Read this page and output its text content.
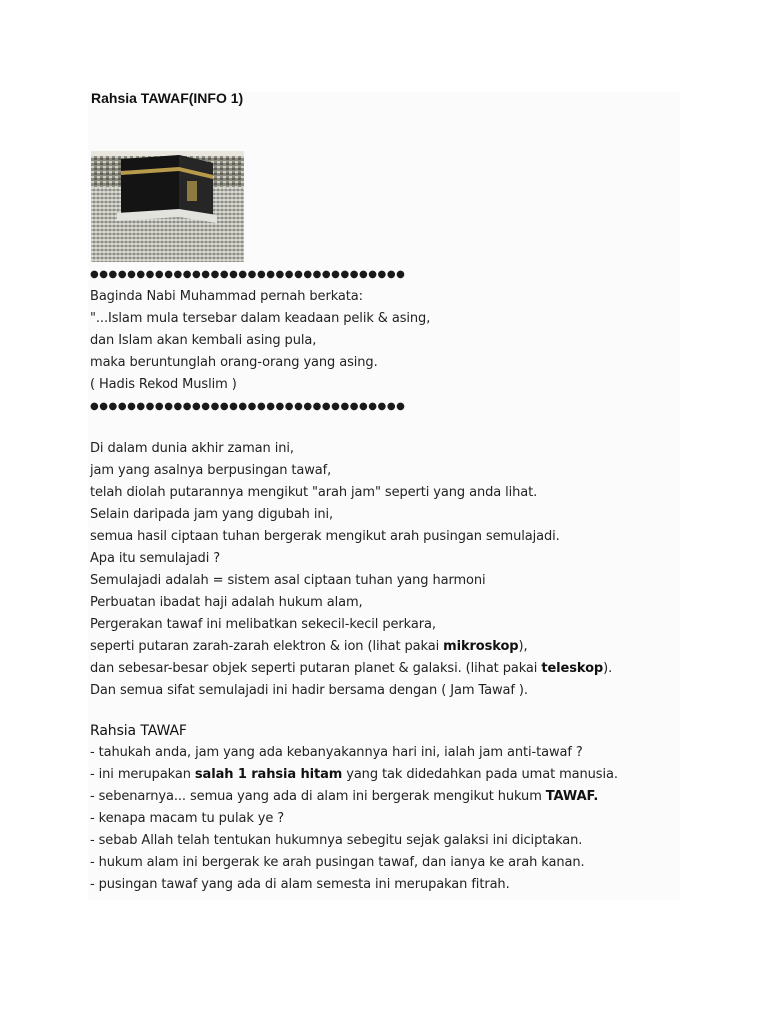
Rahsia TAWAF(INFO 1)
●●●●●●●●●●●●●●●●●●●●●●●●●●●●●●●●●●
Baginda Nabi Muhammad pernah berkata:
"...Islam mula tersebar dalam keadaan pelik & asing,
dan Islam akan kembali asing pula,
maka beruntunglah orang-orang yang asing.
( Hadis Rekod Muslim )
●●●●●●●●●●●●●●●●●●●●●●●●●●●●●●●●●●
Di dalam dunia akhir zaman ini,
jam yang asalnya berpusingan tawaf,
telah diolah putarannya mengikut "arah jam" seperti yang anda lihat.
Selain daripada jam yang digubah ini,
semua hasil ciptaan tuhan bergerak mengikut arah pusingan semulajadi.
Apa itu semulajadi ?
Semulajadi adalah = sistem asal ciptaan tuhan yang harmoni
Perbuatan ibadat haji adalah hukum alam,
Pergerakan tawaf ini melibatkan sekecil-kecil perkara,
seperti putaran zarah-zarah elektron & ion (lihat pakai mikroskop),
dan sebesar-besar objek seperti putaran planet & galaksi. (lihat pakai teleskop).
Dan semua sifat semulajadi ini hadir bersama dengan ( Jam Tawaf ).
Rahsia TAWAF
- tahukah anda, jam yang ada kebanyakannya hari ini, ialah jam anti-tawaf ?
- ini merupakan salah 1 rahsia hitam yang tak didedahkan pada umat manusia.
- sebenarnya... semua yang ada di alam ini bergerak mengikut hukum TAWAF.
- kenapa macam tu pulak ye ?
- sebab Allah telah tentukan hukumnya sebegitu sejak galaksi ini diciptakan.
- hukum alam ini bergerak ke arah pusingan tawaf, dan ianya ke arah kanan.
- pusingan tawaf yang ada di alam semesta ini merupakan fitrah.
